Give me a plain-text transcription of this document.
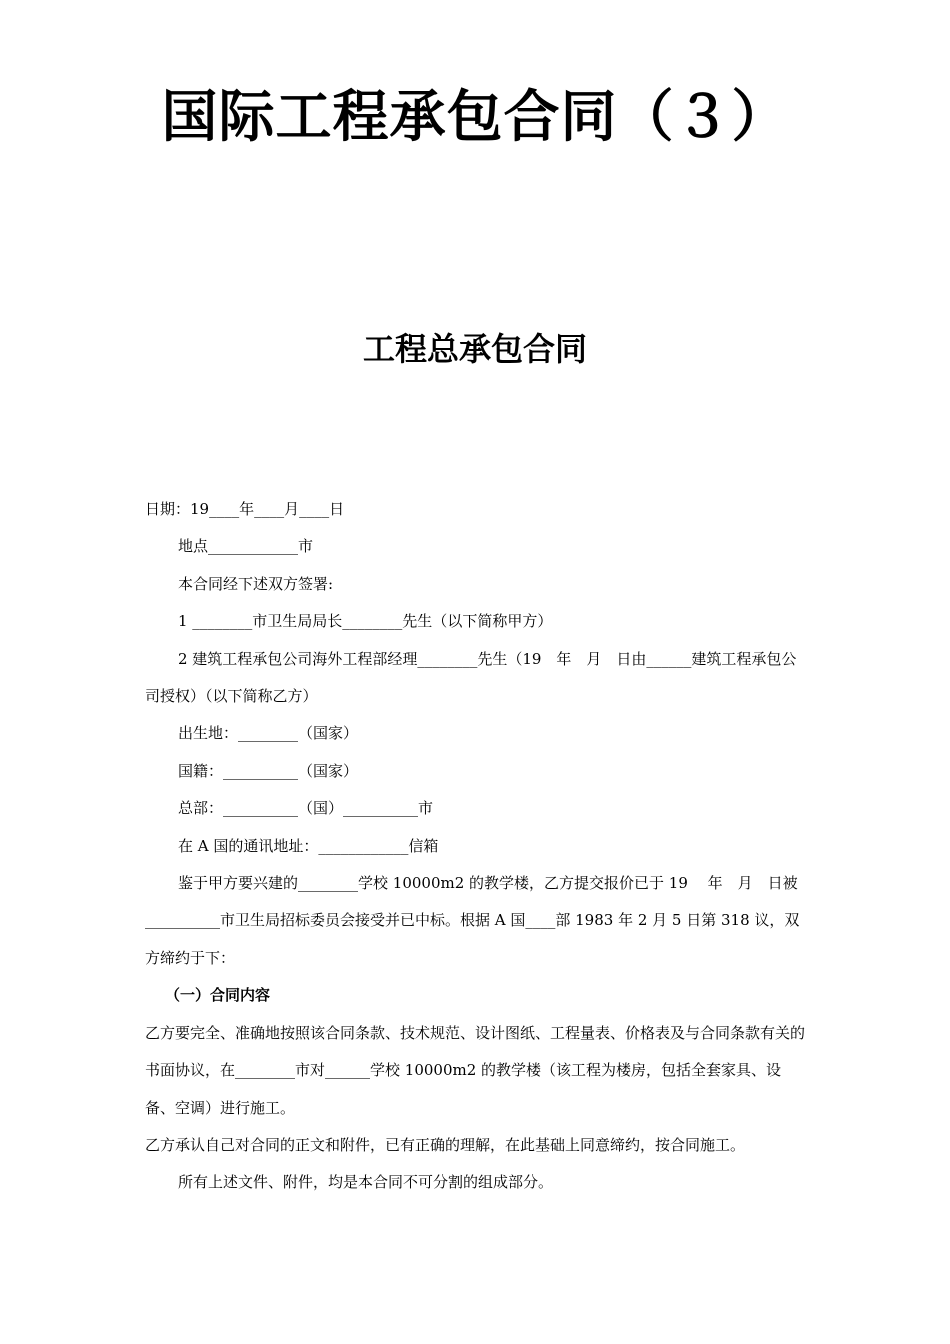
国际工程承包合同（３）
工程总承包合同

日期：19____年____月____日

地点____________市

本合同经下述双方签署:

1 ________市卫生局局长________先生（以下简称甲方）

2 建筑工程承包公司海外工程部经理________先生（19　年　月　日由______建筑工程承包公司授权）（以下简称乙方）

出生地：________（国家）

国籍：__________（国家）

总部：__________（国）__________市

在 A 国的通讯地址：____________信箱

鉴于甲方要兴建的________学校 10000m2 的教学楼，乙方提交报价已于 19　 年　月　日被__________市卫生局招标委员会接受并已中标。根据 A 国____部 1983 年 2 月 5 日第 318 议，双方缔约于下：

（一）合同内容

乙方要完全、准确地按照该合同条款、技术规范、设计图纸、工程量表、价格表及与合同条款有关的书面协议，在________市对______学校 10000m2 的教学楼（该工程为楼房，包括全套家具、设备、空调）进行施工。

乙方承认自己对合同的正文和附件，已有正确的理解，在此基础上同意缔约，按合同施工。

所有上述文件、附件，均是本合同不可分割的组成部分。
